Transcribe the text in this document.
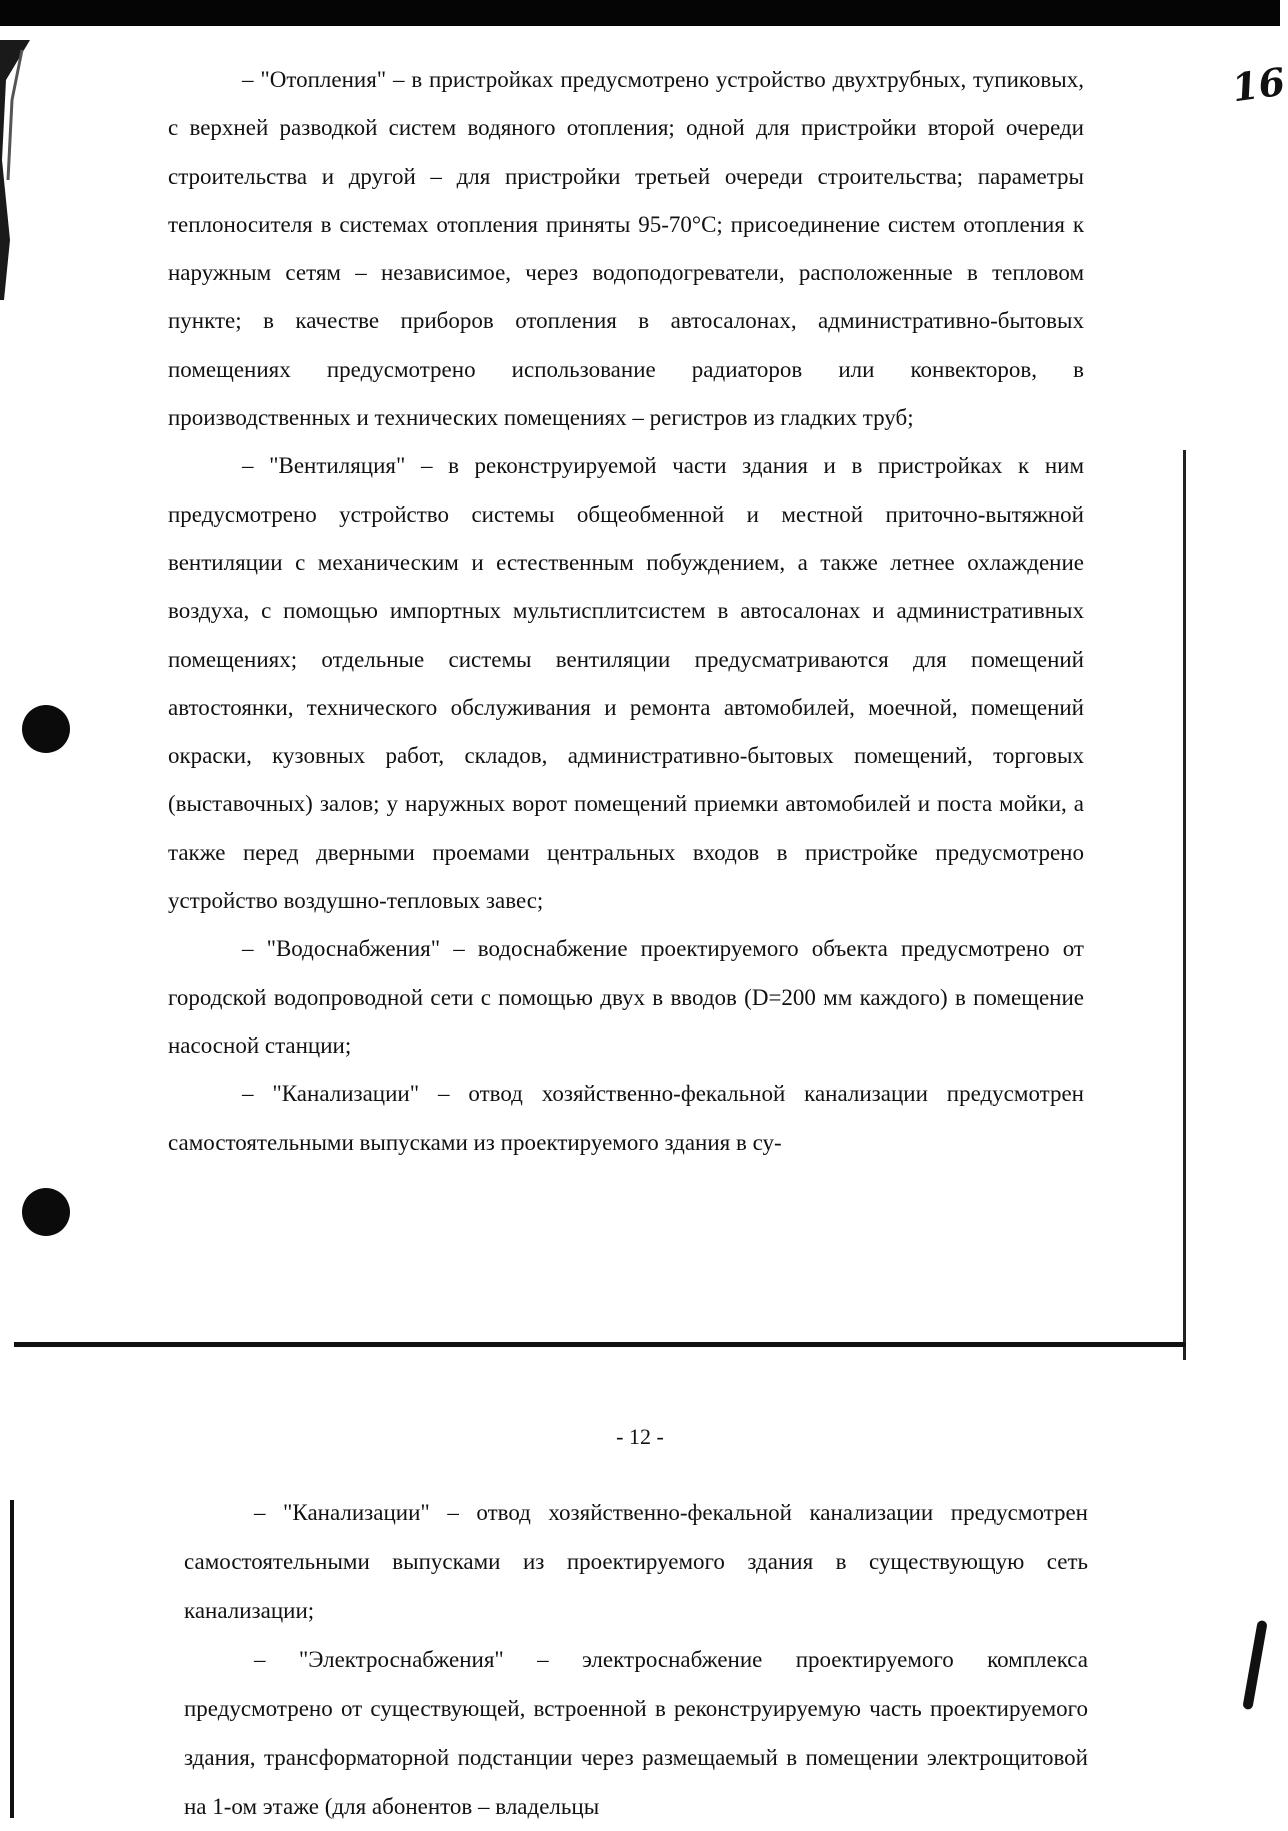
16

– "Отопления" – в пристройках предусмотрено устройство двухтрубных, тупиковых, с верхней разводкой систем водяного отопления; одной для пристройки второй очереди строительства и другой – для пристройки третьей очереди строительства; параметры теплоносителя в системах отопления приняты 95-70°С; присоединение систем отопления к наружным сетям – независимое, через водоподогреватели, расположенные в тепловом пункте; в качестве приборов отопления в автосалонах, административно-бытовых помещениях предусмотрено использование радиаторов или конвекторов, в производственных и технических помещениях – регистров из гладких труб;

– "Вентиляция" – в реконструируемой части здания и в пристройках к ним предусмотрено устройство системы общеобменной и местной приточно-вытяжной вентиляции с механическим и естественным побуждением, а также летнее охлаждение воздуха, с помощью импортных мультисплитсистем в автосалонах и административных помещениях; отдельные системы вентиляции предусматриваются для помещений автостоянки, технического обслуживания и ремонта автомобилей, моечной, помещений окраски, кузовных работ, складов, административно-бытовых помещений, торговых (выставочных) залов; у наружных ворот помещений приемки автомобилей и поста мойки, а также перед дверными проемами центральных входов в пристройке предусмотрено устройство воздушно-тепловых завес;

– "Водоснабжения" – водоснабжение проектируемого объекта предусмотрено от городской водопроводной сети с помощью двух в вводов (D=200 мм каждого) в помещение насосной станции;

– "Канализации" – отвод хозяйственно-фекальной канализации предусмотрен самостоятельными выпусками из проектируемого здания в су-

- 12 -

– "Канализации" – отвод хозяйственно-фекальной канализации предусмотрен самостоятельными выпусками из проектируемого здания в существующую сеть канализации;

– "Электроснабжения" – электроснабжение проектируемого комплекса предусмотрено от существующей, встроенной в реконструируемую часть проектируемого здания, трансформаторной подстанции через размещаемый в помещении электрощитовой на 1-ом этаже (для абонентов – владельцы
